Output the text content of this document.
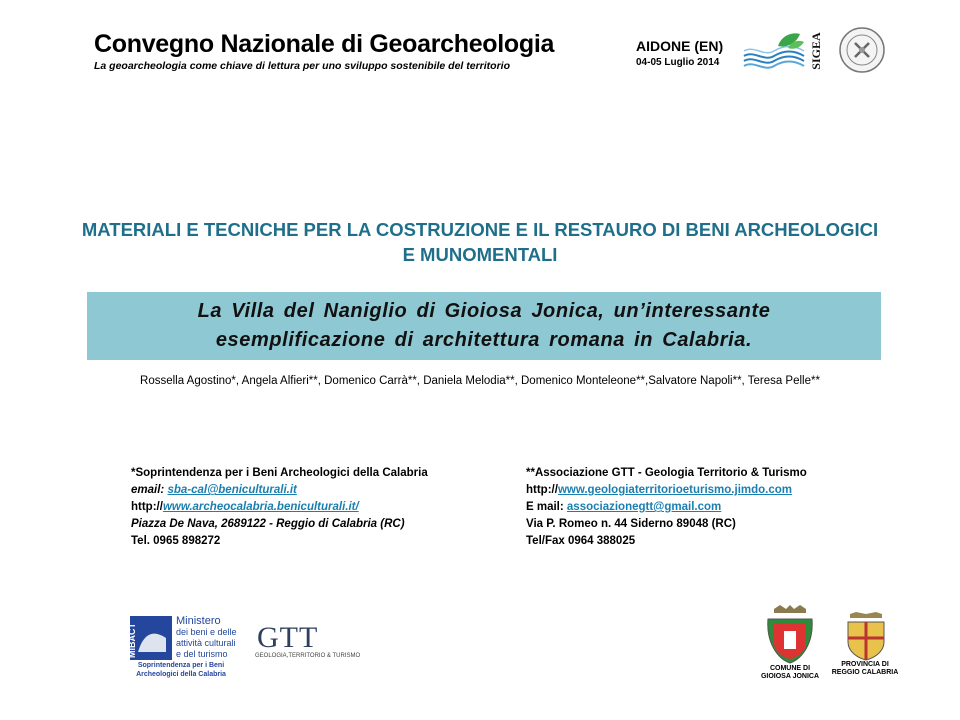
Convegno Nazionale di Geoarcheologia
La geoarcheologia come chiave di lettura per uno sviluppo sostenibile del territorio
AIDONE (EN)
04-05 Luglio 2014	SIGEA
MATERIALI E TECNICHE PER LA COSTRUZIONE E IL RESTAURO DI BENI ARCHEOLOGICI E MUNOMENTALI
La Villa del Naniglio di Gioiosa Jonica, un’interessante
esemplificazione di architettura romana in Calabria.
Rossella Agostino*, Angela Alfieri**, Domenico Carrà**, Daniela Melodia**, Domenico Monteleone**,Salvatore Napoli**, Teresa Pelle**
*Soprintendenza per i Beni Archeologici della Calabria
email: sba-cal@beniculturali.it
http://www.archeocalabria.beniculturali.it/
Piazza De Nava, 2689122 - Reggio di Calabria (RC)
Tel. 0965 898272
**Associazione GTT - Geologia Territorio & Turismo
http://www.geologiaterritorioeturismo.jimdo.com
E mail: associazionegtt@gmail.com
Via P. Romeo n. 44 Siderno 89048 (RC)
Tel/Fax 0964 388025
MiBACT
Ministero
dei beni e delle
attività culturali
e del turismo
Soprintendenza per i Beni
Archeologici della Calabria
GTT
GEOLOGIA,TERRITORIO & TURISMO
COMUNE DI
GIOIOSA JONICA
PROVINCIA DI
REGGIO CALABRIA
